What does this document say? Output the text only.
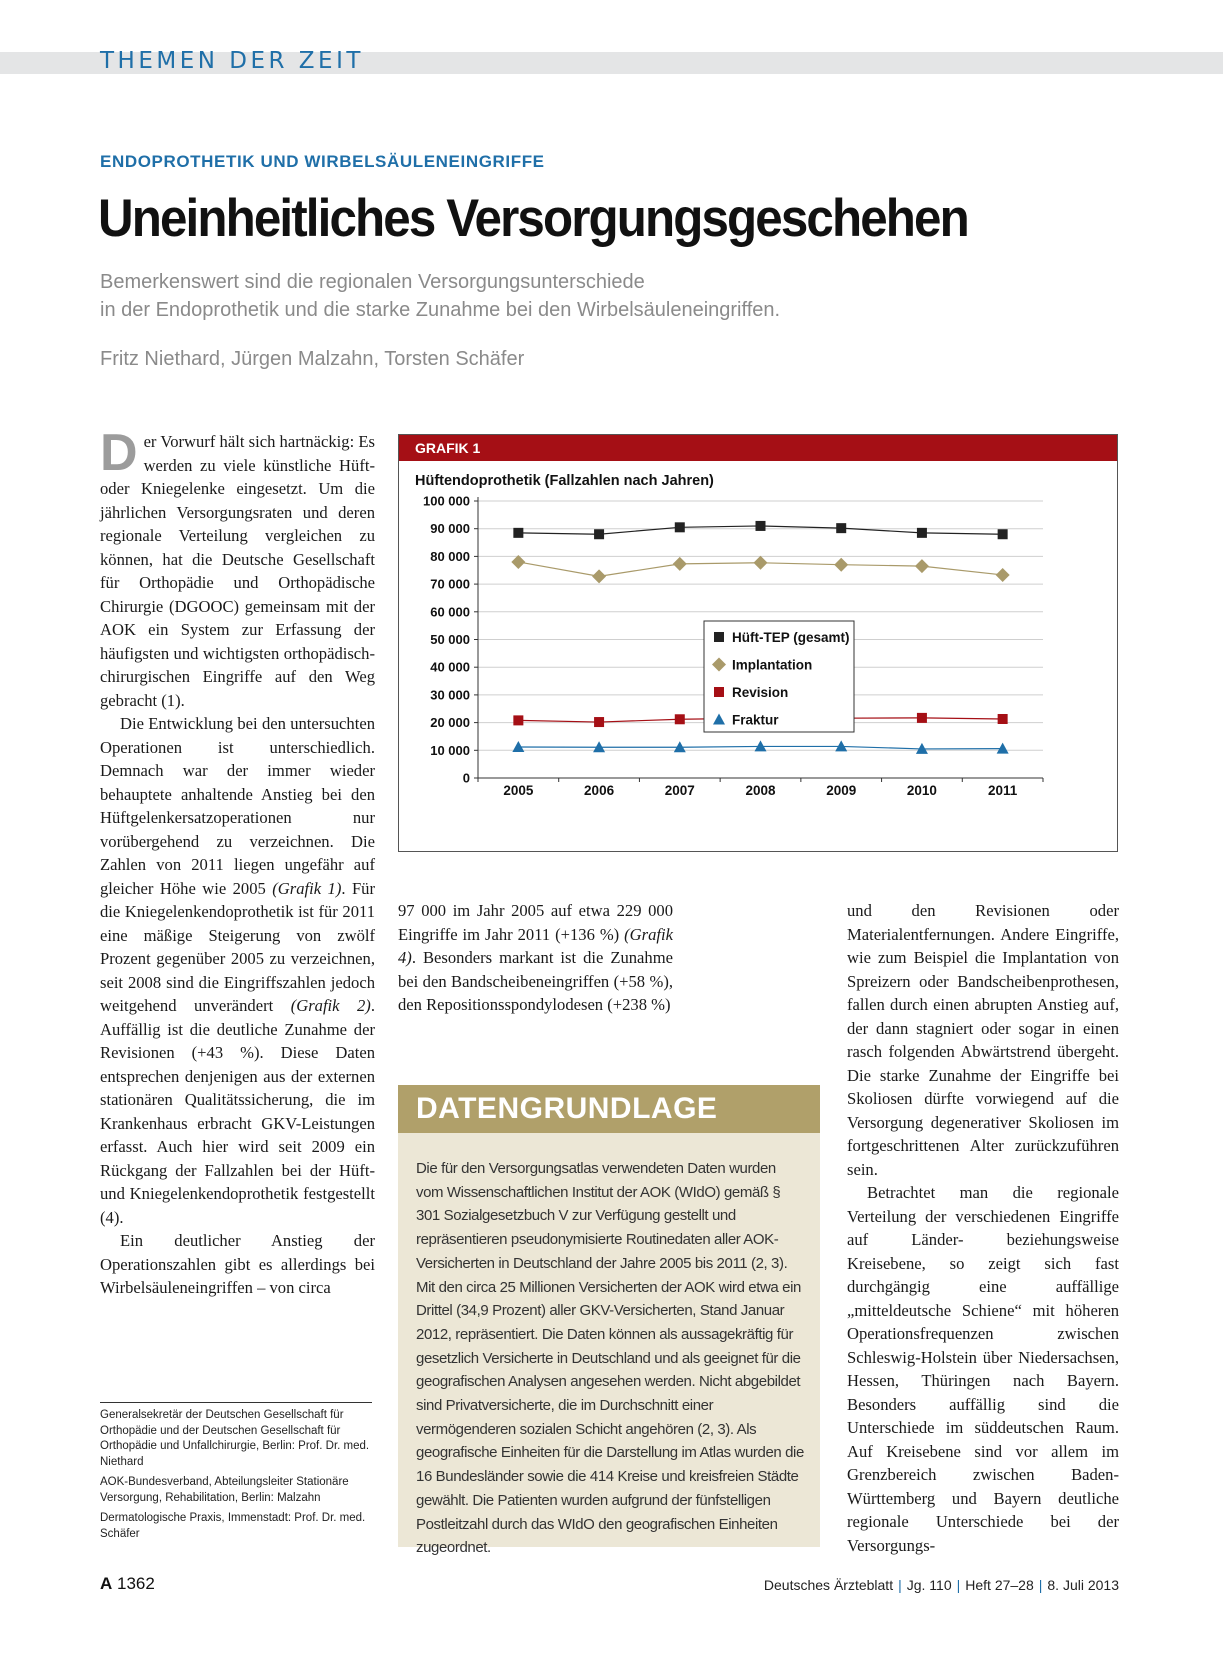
THEMEN DER ZEIT
ENDOPROTHETIK UND WIRBELSÄULENEINGRIFFE
Uneinheitliches Versorgungsgeschehen
Bemerkenswert sind die regionalen Versorgungsunterschiede
in der Endoprothetik und die starke Zunahme bei den Wirbelsäuleneingriffen.
Fritz Niethard, Jürgen Malzahn, Torsten Schäfer

Der Vorwurf hält sich hartnäckig: Es werden zu viele künstliche Hüft- oder Kniegelenke eingesetzt. Um die jährlichen Versorgungsraten und deren regionale Verteilung vergleichen zu können, hat die Deutsche Gesellschaft für Orthopädie und Orthopädische Chirurgie (DGOOC) gemeinsam mit der AOK ein System zur Erfassung der häufigsten und wichtigsten orthopädisch-chirurgischen Eingriffe auf den Weg gebracht (1).

Die Entwicklung bei den untersuchten Operationen ist unterschiedlich. Demnach war der immer wieder behauptete anhaltende Anstieg bei den Hüftgelenkersatzoperationen nur vorübergehend zu verzeichnen. Die Zahlen von 2011 liegen ungefähr auf gleicher Höhe wie 2005 (Grafik 1). Für die Kniegelenkendoprothetik ist für 2011 eine mäßige Steigerung von zwölf Prozent gegenüber 2005 zu verzeichnen, seit 2008 sind die Eingriffszahlen jedoch weitgehend unverändert (Grafik 2). Auffällig ist die deutliche Zunahme der Revisionen (+43 %). Diese Daten entsprechen denjenigen aus der externen stationären Qualitätssicherung, die im Krankenhaus erbracht GKV-Leistungen erfasst. Auch hier wird seit 2009 ein Rückgang der Fallzahlen bei der Hüft- und Kniegelenkendoprothetik festgestellt (4).

Ein deutlicher Anstieg der Operationszahlen gibt es allerdings bei Wirbelsäuleneingriffen – von circa

Generalsekretär der Deutschen Gesellschaft für Orthopädie und der Deutschen Gesellschaft für Orthopädie und Unfallchirurgie, Berlin: Prof. Dr. med. Niethard
AOK-Bundesverband, Abteilungsleiter Stationäre Versorgung, Rehabilitation, Berlin: Malzahn
Dermatologische Praxis, Immenstadt: Prof. Dr. med. Schäfer
GRAFIK 1
Hüftendoprothetik (Fallzahlen nach Jahren)
0
10 000
20 000
30 000
40 000
50 000
60 000
70 000
80 000
90 000
100 000
2005	2006	2007	2008	2009	2010	2011
Hüft-TEP (gesamt)
Implantation
Revision
Fraktur

97 000 im Jahr 2005 auf etwa 229 000 Eingriffe im Jahr 2011 (+136 %) (Grafik 4). Besonders markant ist die Zunahme bei den Bandscheibeneingriffen (+58 %), den Repositionsspondylodesen (+238 %)

DATENGRUNDLAGE
Die für den Versorgungsatlas verwendeten Daten wurden vom Wissenschaftlichen Institut der AOK (WIdO) gemäß § 301 Sozialgesetzbuch V zur Verfügung gestellt und repräsentieren pseudonymisierte Routinedaten aller AOK-Versicherten in Deutschland der Jahre 2005 bis 2011 (2, 3). Mit den circa 25 Millionen Versicherten der AOK wird etwa ein Drittel (34,9 Prozent) aller GKV-Versicherten, Stand Januar 2012, repräsentiert. Die Daten können als aussagekräftig für gesetzlich Versicherte in Deutschland und als geeignet für die geografischen Analysen angesehen werden. Nicht abgebildet sind Privatversicherte, die im Durchschnitt einer vermögenderen sozialen Schicht angehören (2, 3). Als geografische Einheiten für die Darstellung im Atlas wurden die 16 Bundesländer sowie die 414 Kreise und kreisfreien Städte gewählt. Die Patienten wurden aufgrund der fünfstelligen Postleitzahl durch das WIdO den geografischen Einheiten zugeordnet.

und den Revisionen oder Materialentfernungen. Andere Eingriffe, wie zum Beispiel die Implantation von Spreizern oder Bandscheibenprothesen, fallen durch einen abrupten Anstieg auf, der dann stagniert oder sogar in einen rasch folgenden Abwärtstrend übergeht. Die starke Zunahme der Eingriffe bei Skoliosen dürfte vorwiegend auf die Versorgung degenerativer Skoliosen im fortgeschrittenen Alter zurückzuführen sein.

Betrachtet man die regionale Verteilung der verschiedenen Eingriffe auf Länder- beziehungsweise Kreisebene, so zeigt sich fast durchgängig eine auffällige „mitteldeutsche Schiene“ mit höheren Operationsfrequenzen zwischen Schleswig-Holstein über Niedersachsen, Hessen, Thüringen nach Bayern. Besonders auffällig sind die Unterschiede im süddeutschen Raum. Auf Kreisebene sind vor allem im Grenzbereich zwischen Baden-Württemberg und Bayern deutliche regionale Unterschiede bei der Versorgungs-

A 1362	Deutsches Ärzteblatt | Jg. 110 | Heft 27–28 | 8. Juli 2013
